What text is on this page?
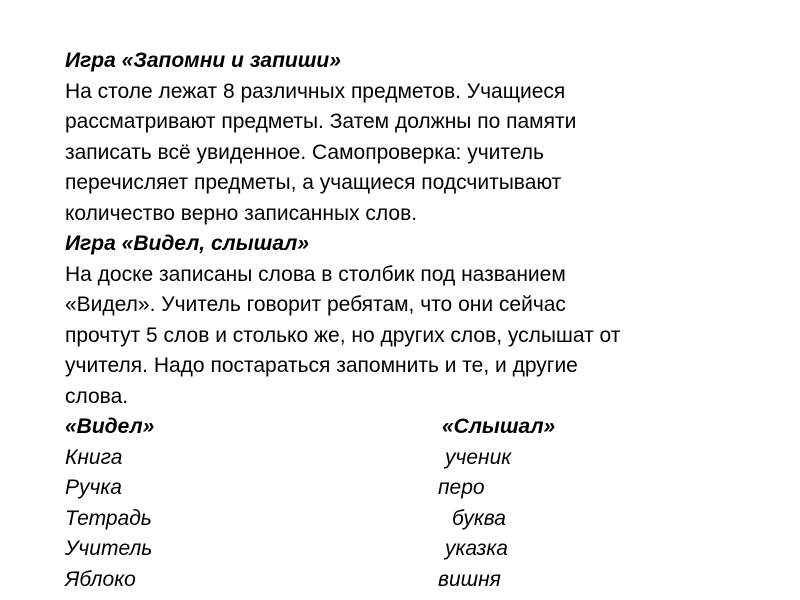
Игра «Запомни и запиши»
На столе лежат 8 различных предметов. Учащиеся
рассматривают предметы. Затем должны по памяти
записать всё увиденное. Самопроверка: учитель
перечисляет предметы, а учащиеся подсчитывают
количество верно записанных слов.
Игра «Видел, слышал»
На доске записаны слова в столбик под названием
«Видел». Учитель говорит ребятам, что они сейчас
прочтут 5 слов и столько же, но других слов, услышат от
учителя. Надо постараться запомнить и те, и другие
слова.
«Видел»	«Слышал»
Книга	ученик
Ручка	перо
Тетрадь	буква
Учитель	указка
Яблоко	вишня
